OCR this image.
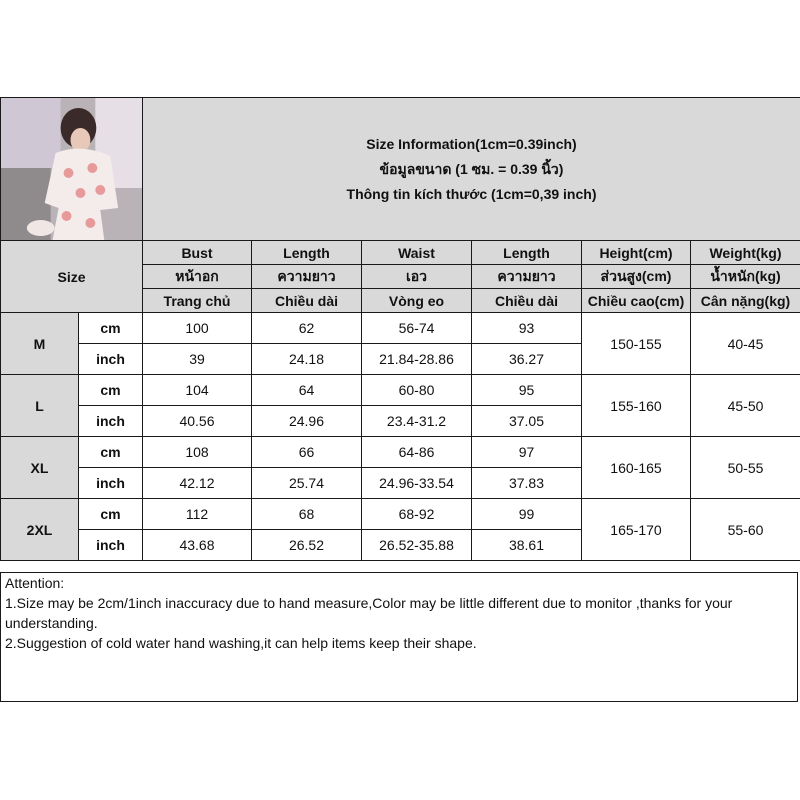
Size Information(1cm=0.39inch)
ข้อมูลขนาด (1 ซม. = 0.39 นิ้ว)
Thông tin kích thước (1cm=0,39 inch)					

Size		Bust	Length	Waist	Length	Height(cm)	Weight(kg)
		หน้าอก	ความยาว	เอว	ความยาว	ส่วนสูง(cm)	น้ำหนัก(kg)
		Trang chủ	Chiều dài	Vòng eo	Chiều dài	Chiều cao(cm)	Cân nặng(kg)
M	cm	100	62	56-74	93	150-155	40-45
	inch	39	24.18	21.84-28.86	36.27		
L	cm	104	64	60-80	95	155-160	45-50
	inch	40.56	24.96	23.4-31.2	37.05		
XL	cm	108	66	64-86	97	160-165	50-55
	inch	42.12	25.74	24.96-33.54	37.83		
2XL	cm	112	68	68-92	99	165-170	55-60
	inch	43.68	26.52	26.52-35.88	38.61		

Attention:

1.Size may be 2cm/1inch inaccuracy due to hand measure,Color may be little different due to monitor ,thanks for your understanding.

2.Suggestion of cold water hand washing,it can help items keep their shape.
